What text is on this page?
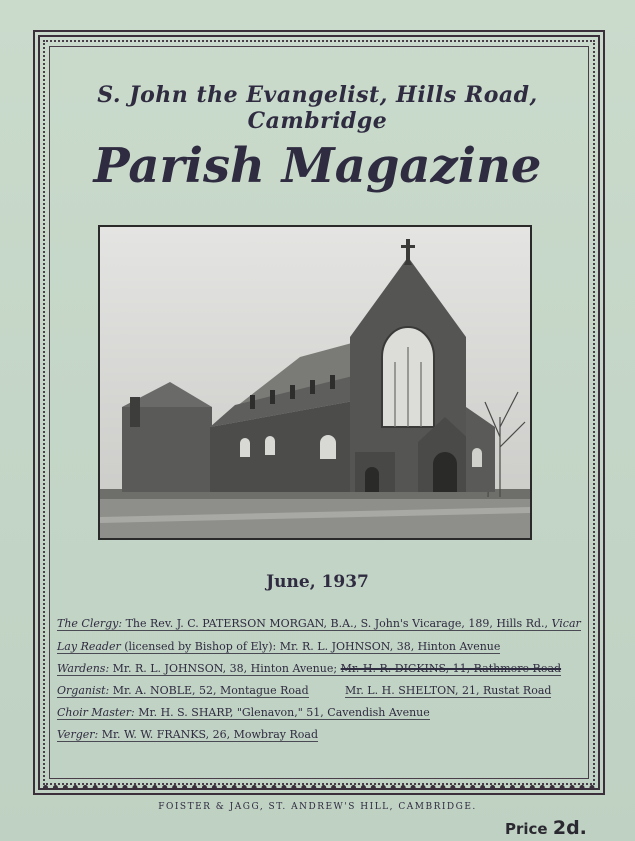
S. John the Evangelist, Hills Road, Cambridge
Parish Magazine
June, 1937
The Clergy: The Rev. J. C. PATERSON MORGAN, B.A., S. John's Vicarage, 189, Hills Rd., Vicar
Lay Reader (licensed by Bishop of Ely): Mr. R. L. JOHNSON, 38, Hinton Avenue
Wardens: Mr. R. L. JOHNSON, 38, Hinton Avenue; Mr. H. R. DICKINS, 11, Rathmore Road
Organist: Mr. A. NOBLE, 52, Montague Road	Mr. L. H. SHELTON, 21, Rustat Road
Choir Master: Mr. H. S. SHARP, "Glenavon," 51, Cavendish Avenue
Verger: Mr. W. W. FRANKS, 26, Mowbray Road
FOISTER & JAGG, ST. ANDREW'S HILL, CAMBRIDGE.
Price 2d.
